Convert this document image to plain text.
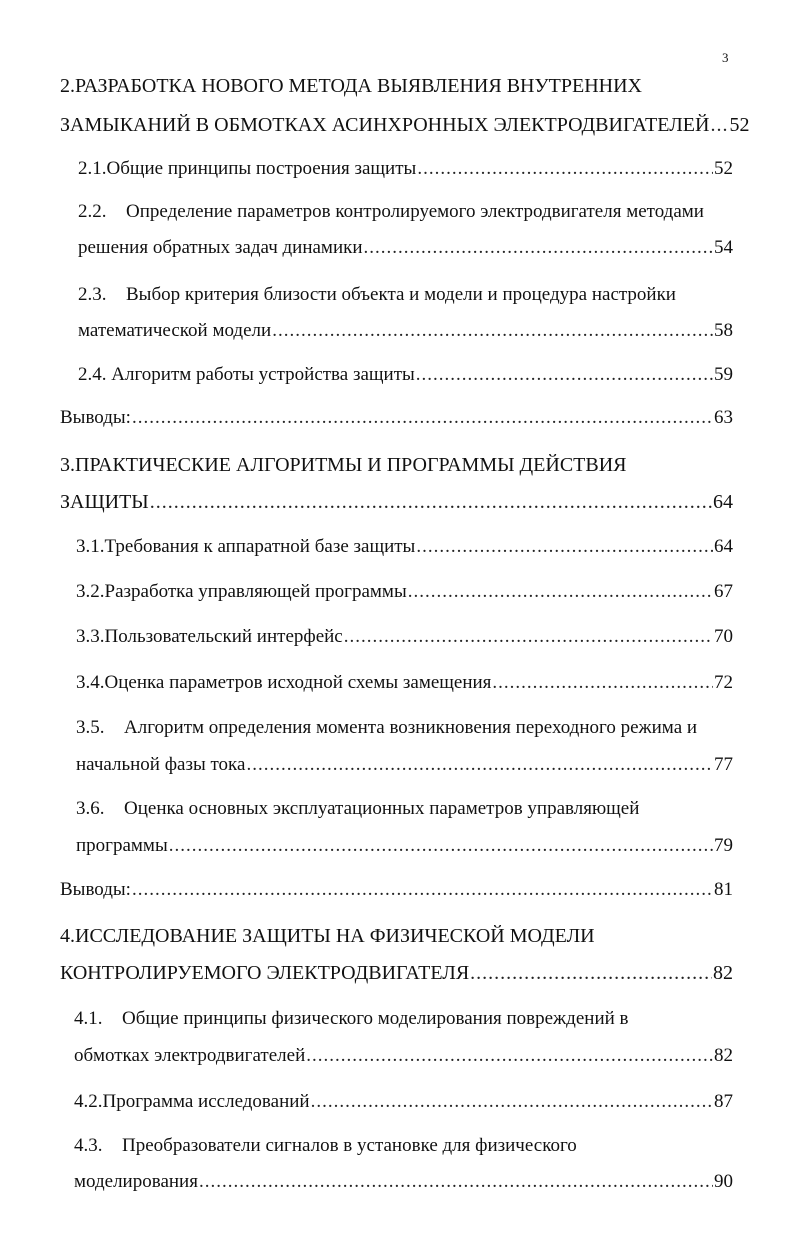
3
2.РАЗРАБОТКА НОВОГО МЕТОДА ВЫЯВЛЕНИЯ ВНУТРЕННИХ
ЗАМЫКАНИЙ В ОБМОТКАХ АСИНХРОННЫХ ЭЛЕКТРОДВИГАТЕЛЕЙ ..... 52
2.1. Общие принципы построения защиты .....	52
2.2.	Определение параметров контролируемого электродвигателя методами
решения обратных задач динамики .....	54
2.3.	Выбор критерия близости объекта и модели и процедура настройки
математической модели .....	58
2.4. Алгоритм работы устройства защиты .....	59
Выводы: .....	63
3.ПРАКТИЧЕСКИЕ АЛГОРИТМЫ И ПРОГРАММЫ ДЕЙСТВИЯ
ЗАЩИТЫ .....	64
3.1. Требования к аппаратной базе защиты .....	64
3.2. Разработка управляющей программы .....	67
3.3. Пользовательский интерфейс .....	70
3.4. Оценка параметров исходной схемы замещения .....	72
3.5.	Алгоритм определения момента возникновения переходного режима и
начальной фазы тока .....	77
3.6.	Оценка основных эксплуатационных параметров управляющей
программы .....	79
Выводы: .....	81
4.ИССЛЕДОВАНИЕ ЗАЩИТЫ НА ФИЗИЧЕСКОЙ МОДЕЛИ
КОНТРОЛИРУЕМОГО ЭЛЕКТРОДВИГАТЕЛЯ .....	82
4.1.	Общие принципы физического моделирования повреждений в
обмотках электродвигателей .....	82
4.2. Программа исследований .....	87
4.3.	Преобразователи сигналов в установке для физического
моделирования .....	90
